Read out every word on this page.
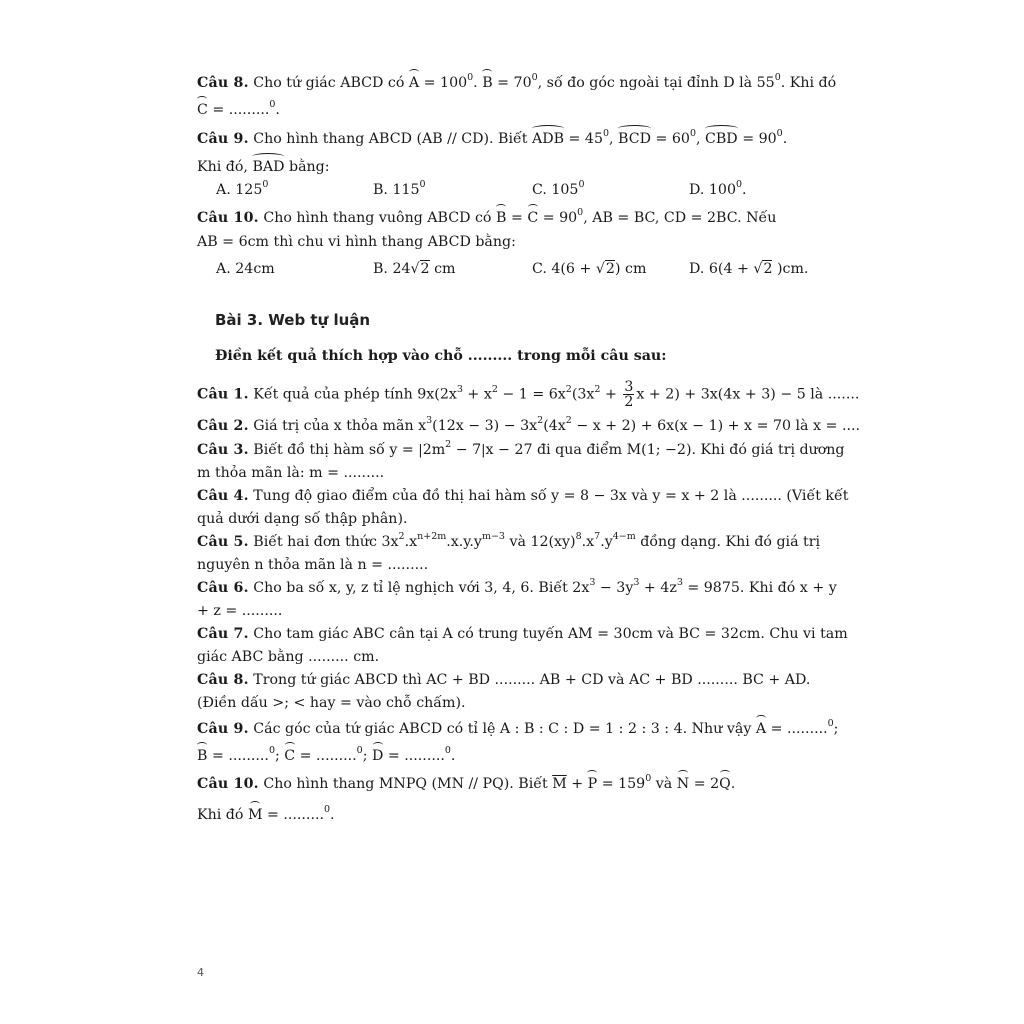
Câu 8. Cho tứ giác ABCD có $A = 100^0$. $B = 70^0$, số đo góc ngoài tại đỉnh D là $55^0$. Khi đó
C = .........$^0$.
Câu 9. Cho hình thang ABCD (AB // CD). Biết ADB = $45^0$, BCD = $60^0$, CBD = $90^0$.
Khi đó, BAD bằng:
A. $125^0$	B. $115^0$	C. $105^0$	D. $100^0$.
Câu 10. Cho hình thang vuông ABCD có $B = C = 90^0$, AB = BC, CD = 2BC. Nếu
AB = 6cm thì chu vi hình thang ABCD bằng:
A. 24cm	B. 24√2 cm	C. 4(6 + √2) cm	D. 6(4 + √2 )cm.
Bài 3. Web tự luận
Điền kết quả thích hợp vào chỗ ......... trong mỗi câu sau:
Câu 1. Kết quả của phép tính $9x(2x^3 + x^2 - 1 = 6x^2(3x^2 + \frac{3}{2}$ x + 2) + 3x(4x + 3) − 5 là .......
Câu 2. Giá trị của x thỏa mãn $x^3(12x - 3) - 3x^2(4x^2 - x + 2) + 6x(x - 1) + x = 70$ là x = ....
Câu 3. Biết đồ thị hàm số $y = |2m^2 - 7|x - 27$ đi qua điểm M(1; −2). Khi đó giá trị dương
m thỏa mãn là: m = .........
Câu 4. Tung độ giao điểm của đồ thị hai hàm số y = 8 − 3x và y = x + 2 là ......... (Viết kết
quả dưới dạng số thập phân).
Câu 5. Biết hai đơn thức $3x^2.x^{n+2m}.x.y.y^{m-3}$ và $12(xy)^8.x^7.y^{4-m}$ đồng dạng. Khi đó giá trị
nguyên n thỏa mãn là n = .........
Câu 6. Cho ba số x, y, z tỉ lệ nghịch với 3, 4, 6. Biết $2x^3 - 3y^3 + 4z^3 = 9875$. Khi đó x + y
+ z = .........
Câu 7. Cho tam giác ABC cân tại A có trung tuyến AM = 30cm và BC = 32cm. Chu vi tam
giác ABC bằng ......... cm.
Câu 8. Trong tứ giác ABCD thì AC + BD ......... AB + CD và AC + BD ......... BC + AD.
(Điền dấu >; < hay = vào chỗ chấm).
Câu 9. Các góc của tứ giác ABCD có tỉ lệ A : B : C : D = 1 : 2 : 3 : 4. Như vậy A = .........$^0$;
B = .........$^0$; C = .........$^0$; D = .........$^0$.
Câu 10. Cho hình thang MNPQ (MN // PQ). Biết $\overline{M} + P = 159^0$ và N = 2Q.
Khi đó M = .........$^0$.
4
